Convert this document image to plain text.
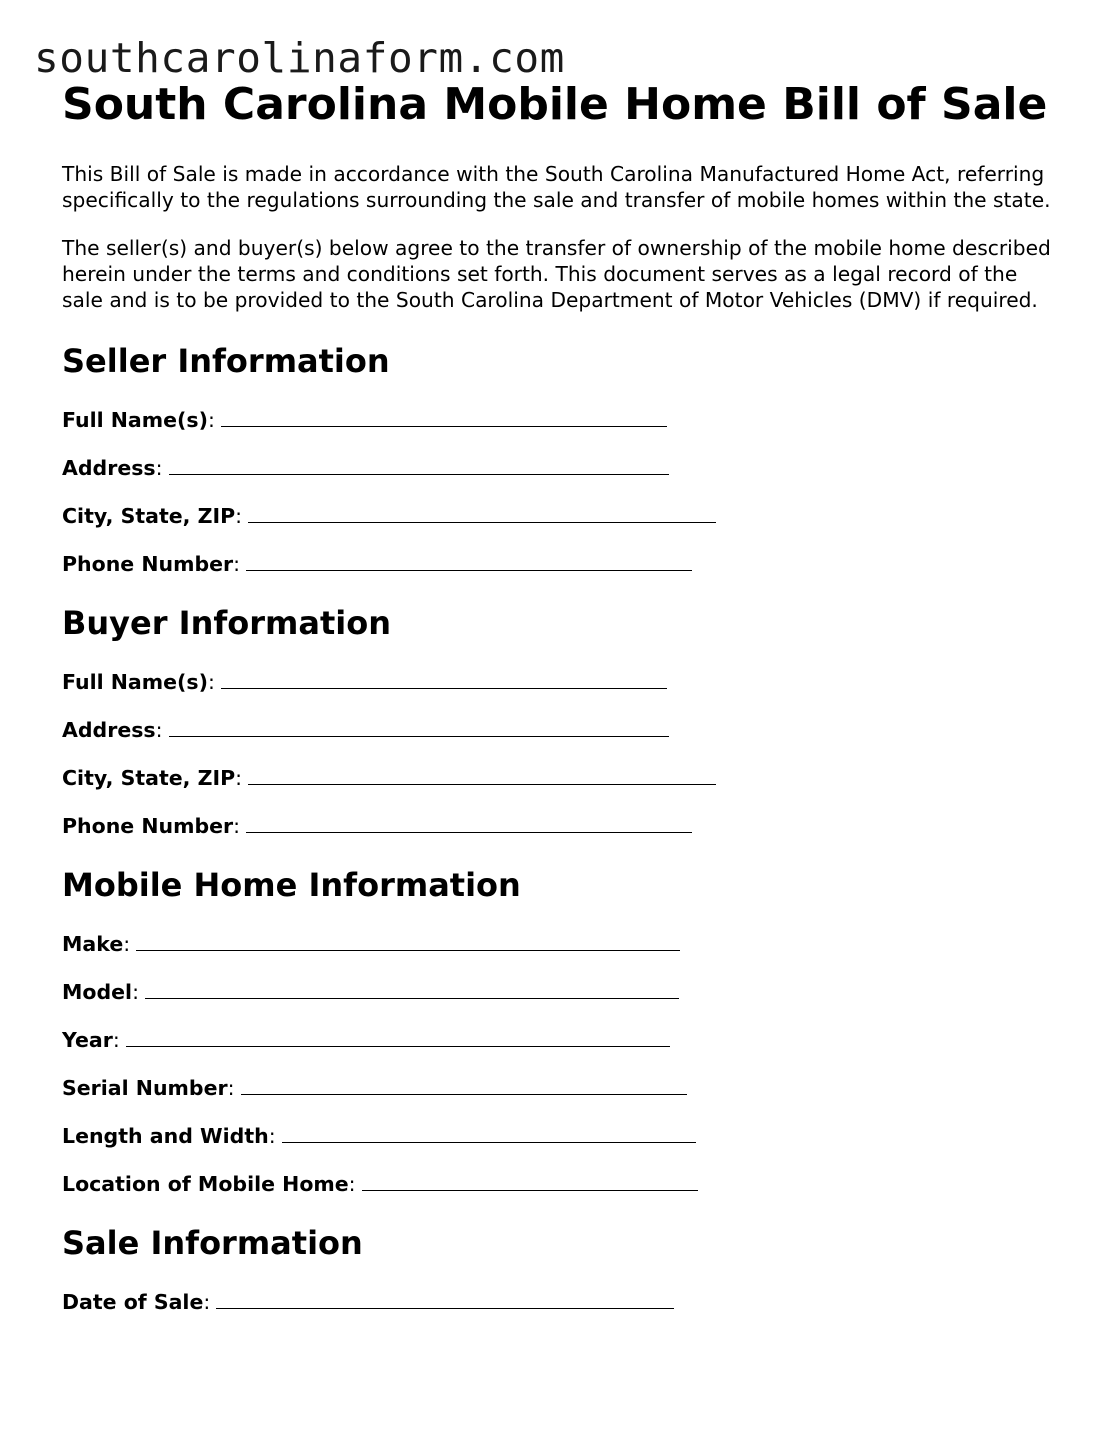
southcarolinaform.com
South Carolina Mobile Home Bill of Sale

This Bill of Sale is made in accordance with the South Carolina Manufactured Home Act, referring specifically to the regulations surrounding the sale and transfer of mobile homes within the state.

The seller(s) and buyer(s) below agree to the transfer of ownership of the mobile home described herein under the terms and conditions set forth. This document serves as a legal record of the sale and is to be provided to the South Carolina Department of Motor Vehicles (DMV) if required.

Seller Information
Full Name(s):
Address:
City, State, ZIP:
Phone Number:
Buyer Information
Full Name(s):
Address:
City, State, ZIP:
Phone Number:
Mobile Home Information
Make:
Model:
Year:
Serial Number:
Length and Width:
Location of Mobile Home:
Sale Information
Date of Sale:
